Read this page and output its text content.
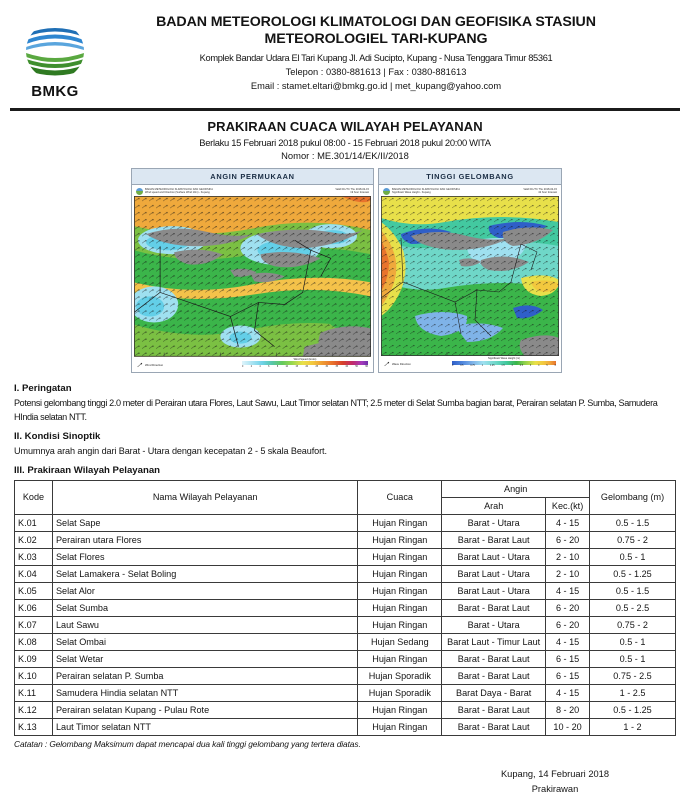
BMKG
BADAN METEOROLOGI KLIMATOLOGI DAN GEOFISIKA STASIUN
METEOROLOGIEL TARI-KUPANG
Komplek Bandar Udara El Tari Kupang Jl. Adi Sucipto, Kupang - Nusa Tenggara Timur 85361
Telepon : 0380-881613 | Fax : 0380-881613
Email : stamet.eltari@bmkg.go.id | met_kupang@yahoo.com
PRAKIRAAN CUACA WILAYAH PELAYANAN
Berlaku 15 Februari 2018 pukul 08:00 - 15 Februari 2018 pukul 20:00 WITA
Nomor : ME.301/14/EK/II/2018
ANGIN PERMUKAAN
BADAN METEOROLOGI KLIMATOLOGI DAN GEOFISIKA
Wind speed and Direction (Surface Wind 10m) - Kupang
Valid 01UTC Thu 2018-02-15
19 hour forecast
Wind Direction
Wind Speed (knots)
0	2	4	6	8	10	15	20	25	30	35	40	50	60
TINGGI GELOMBANG
BADAN METEOROLOGI KLIMATOLOGI DAN GEOFISIKA
Significant Wave Height - Kupang
Valid 01UTC Thu 2018-02-15
42 hour forecast
Wave Direction
Significant Wave Height (m)
0	0.5	0.75	1	1.25	1.5	2	2.5	3	4	5	6
I. Peringatan
Potensi gelombang tinggi 2.0 meter di Perairan utara Flores, Laut Sawu, Laut Timor selatan NTT; 2.5 meter di Selat Sumba bagian barat, Perairan selatan P. Sumba, Samudera HIndia selatan NTT.
II. Kondisi Sinoptik
Umumnya arah angin dari Barat - Utara dengan kecepatan 2 - 5 skala Beaufort.
III. Prakiraan Wilayah Pelayanan
Kode	Nama Wilayah Pelayanan	Cuaca	Angin		Gelombang (m)
			Arah	Kec.(kt)	
K.01	Selat Sape	Hujan Ringan	Barat - Utara	4 - 15	0.5 - 1.5
K.02	Perairan utara Flores	Hujan Ringan	Barat - Barat Laut	6 - 20	0.75 - 2
K.03	Selat Flores	Hujan Ringan	Barat Laut - Utara	2 - 10	0.5 - 1
K.04	Selat Lamakera - Selat Boling	Hujan Ringan	Barat Laut - Utara	2 - 10	0.5 - 1.25
K.05	Selat Alor	Hujan Ringan	Barat Laut - Utara	4 - 15	0.5 - 1.5
K.06	Selat Sumba	Hujan Ringan	Barat - Barat Laut	6 - 20	0.5 - 2.5
K.07	Laut Sawu	Hujan Ringan	Barat - Utara	6 - 20	0.75 - 2
K.08	Selat Ombai	Hujan Sedang	Barat Laut - Timur Laut	4 - 15	0.5 - 1
K.09	Selat Wetar	Hujan Ringan	Barat - Barat Laut	6 - 15	0.5 - 1
K.10	Perairan selatan P. Sumba	Hujan Sporadik	Barat - Barat Laut	6 - 15	0.75 - 2.5
K.11	Samudera Hindia selatan NTT	Hujan Sporadik	Barat Daya - Barat	4 - 15	1 - 2.5
K.12	Perairan selatan Kupang - Pulau Rote	Hujan Ringan	Barat - Barat Laut	8 - 20	0.5 - 1.25
K.13	Laut Timor selatan NTT	Hujan Ringan	Barat - Barat Laut	10 - 20	1 - 2
Catatan : Gelombang Maksimum dapat mencapai dua kali tinggi gelombang yang tertera diatas.
Kupang, 14 Februari 2018
Prakirawan
